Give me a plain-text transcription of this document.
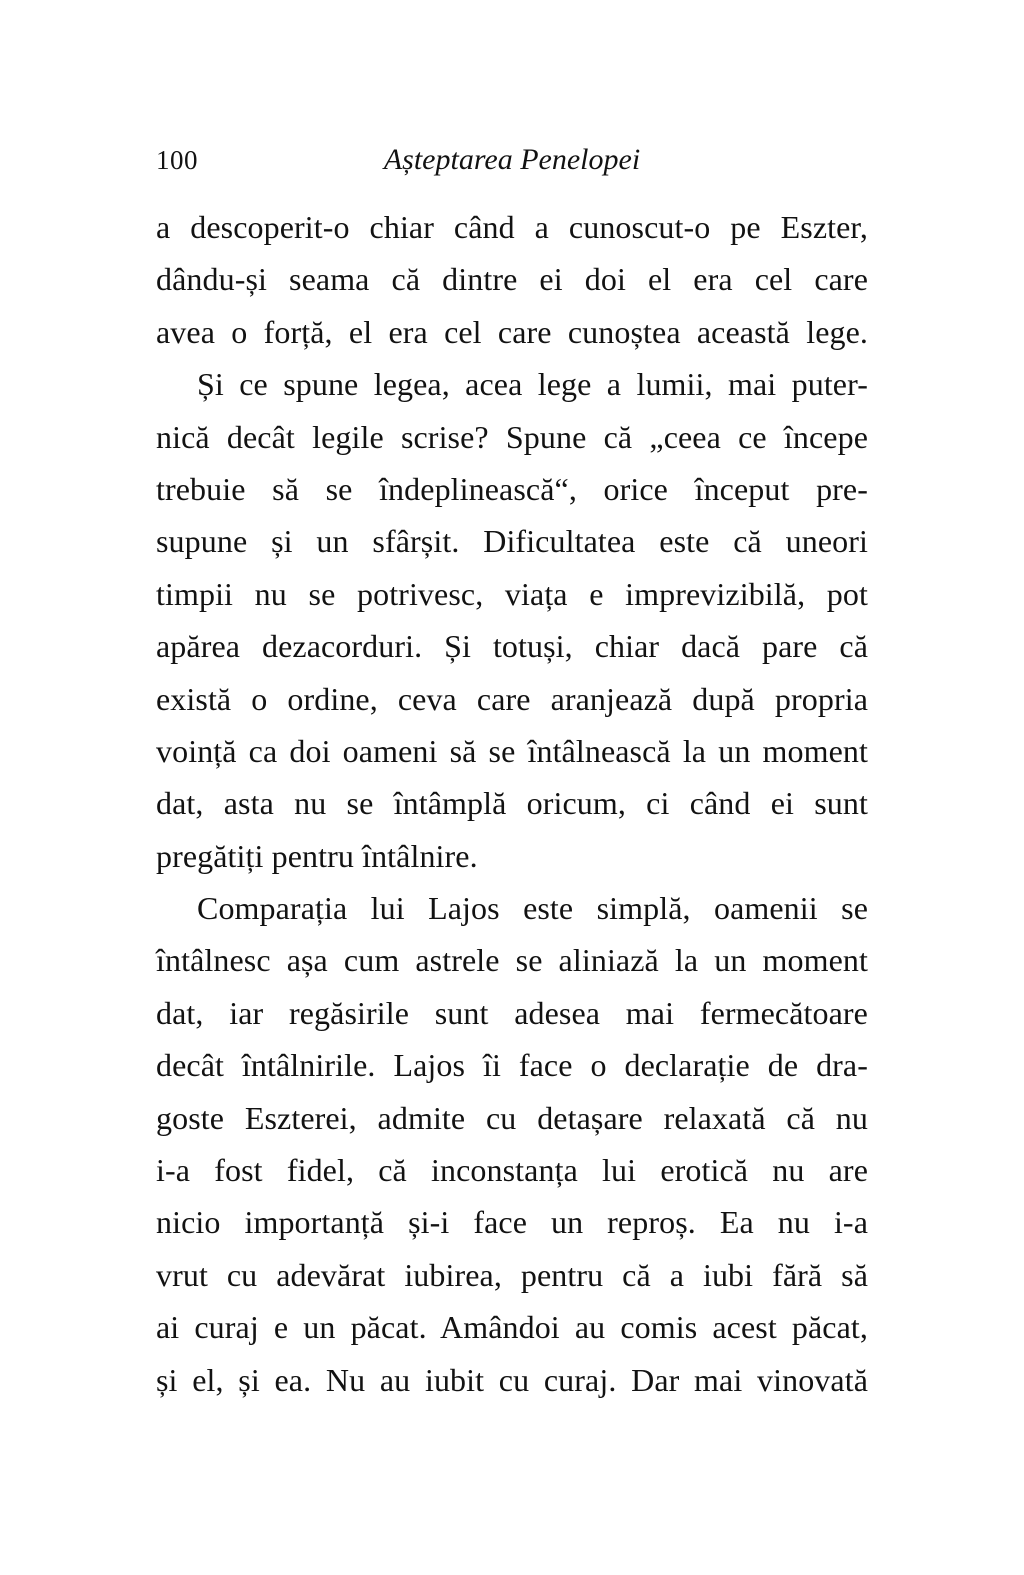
100	Așteptarea Penelopei
a descoperit-o chiar când a cunoscut-o pe Eszter,
dându-și seama că dintre ei doi el era cel care
avea o forță, el era cel care cunoștea această lege.
Și ce spune legea, acea lege a lumii, mai puter-
nică decât legile scrise? Spune că „ceea ce începe
trebuie să se îndeplinească“, orice început pre-
supune și un sfârșit. Dificultatea este că uneori
timpii nu se potrivesc, viața e imprevizibilă, pot
apărea dezacorduri. Și totuși, chiar dacă pare că
există o ordine, ceva care aranjează după propria
voință ca doi oameni să se întâlnească la un moment
dat, asta nu se întâmplă oricum, ci când ei sunt
pregătiți pentru întâlnire.
Comparația lui Lajos este simplă, oamenii se
întâlnesc așa cum astrele se aliniază la un moment
dat, iar regăsirile sunt adesea mai fermecătoare
decât întâlnirile. Lajos îi face o declarație de dra-
goste Eszterei, admite cu detașare relaxată că nu
i-a fost fidel, că inconstanța lui erotică nu are
nicio importanță și-i face un reproș. Ea nu i-a
vrut cu adevărat iubirea, pentru că a iubi fără să
ai curaj e un păcat. Amândoi au comis acest păcat,
și el, și ea. Nu au iubit cu curaj. Dar mai vinovată
